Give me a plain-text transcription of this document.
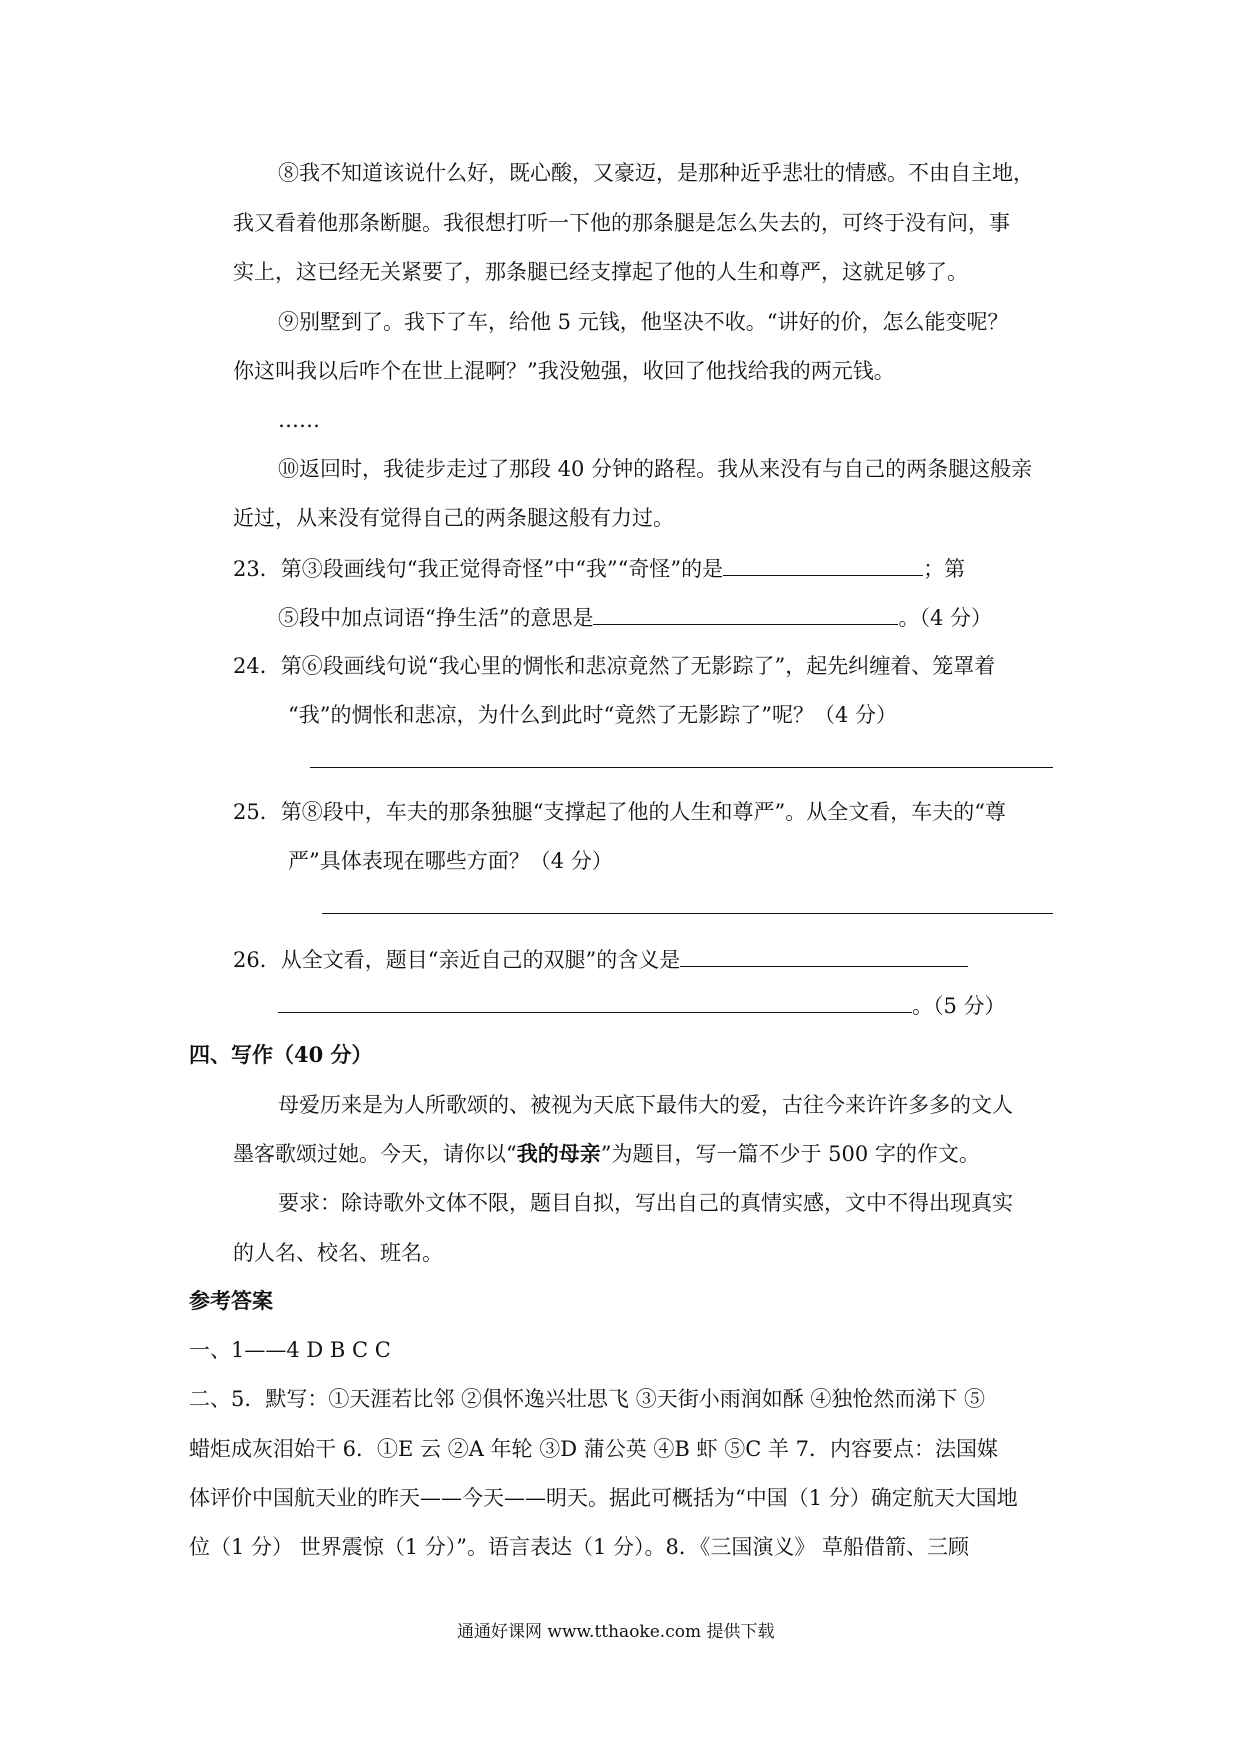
⑧我不知道该说什么好，既心酸，又豪迈，是那种近乎悲壮的情感。不由自主地，
我又看着他那条断腿。我很想打听一下他的那条腿是怎么失去的，可终于没有问，事
实上，这已经无关紧要了，那条腿已经支撑起了他的人生和尊严，这就足够了。
⑨别墅到了。我下了车，给他 5 元钱，他坚决不收。“讲好的价，怎么能变呢？
你这叫我以后咋个在世上混啊？”我没勉强，收回了他找给我的两元钱。
……
⑩返回时，我徒步走过了那段 40 分钟的路程。我从来没有与自己的两条腿这般亲
近过，从来没有觉得自己的两条腿这般有力过。
23．第③段画线句“我正觉得奇怪”中“我”“奇怪”的是	；第
⑤段中加点词语“挣生活”的意思是	。（4 分）
24．第⑥段画线句说“我心里的惆怅和悲凉竟然了无影踪了”，起先纠缠着、笼罩着
“我”的惆怅和悲凉，为什么到此时“竟然了无影踪了”呢？（4 分）
25．第⑧段中，车夫的那条独腿“支撑起了他的人生和尊严”。从全文看，车夫的“尊
严”具体表现在哪些方面？（4 分）
26．从全文看，题目“亲近自己的双腿”的含义是
。（5 分）
四、写作（40 分）
母爱历来是为人所歌颂的、被视为天底下最伟大的爱，古往今来许许多多的文人
墨客歌颂过她。今天，请你以“我的母亲”为题目，写一篇不少于 500 字的作文。
要求：除诗歌外文体不限，题目自拟，写出自己的真情实感，文中不得出现真实
的人名、校名、班名。
参考答案
一、1——4 D B C C
二、5．默写：①天涯若比邻 ②俱怀逸兴壮思飞 ③天街小雨润如酥 ④独怆然而涕下 ⑤
蜡炬成灰泪始干 6．①E 云 ②A 年轮 ③D 蒲公英 ④B 虾 ⑤C 羊 7．内容要点：法国媒
体评价中国航天业的昨天——今天——明天。据此可概括为“中国（1 分）确定航天大国地
位（1 分） 世界震惊（1 分）”。语言表达（1 分）。8．《三国演义》 草船借箭、三顾
通通好课网 www.tthaoke.com 提供下载
